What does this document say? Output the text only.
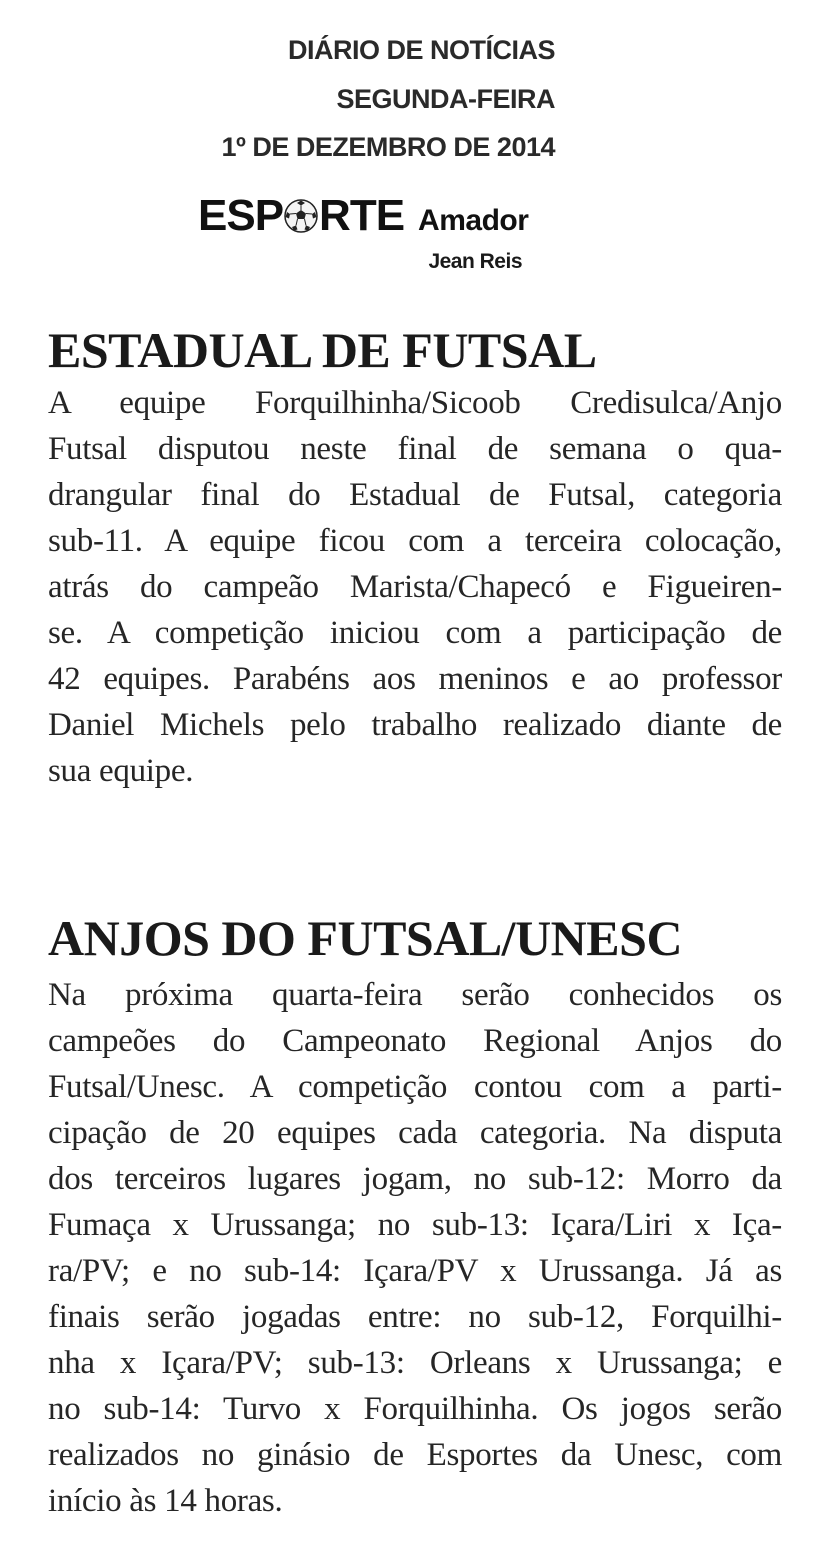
DIÁRIO DE NOTÍCIAS
SEGUNDA-FEIRA
1º DE DEZEMBRO DE 2014
ESP RTE Amador
Jean Reis
ESTADUAL DE FUTSAL
A equipe Forquilhinha/Sicoob Credisulca/Anjo
Futsal disputou neste final de semana o qua-
drangular final do Estadual de Futsal, categoria
sub-11. A equipe ficou com a terceira colocação,
atrás do campeão Marista/Chapecó e Figueiren-
se. A competição iniciou com a participação de
42 equipes. Parabéns aos meninos e ao professor
Daniel Michels pelo trabalho realizado diante de
sua equipe.
ANJOS DO FUTSAL/UNESC
Na próxima quarta-feira serão conhecidos os
campeões do Campeonato Regional Anjos do
Futsal/Unesc. A competição contou com a parti-
cipação de 20 equipes cada categoria. Na disputa
dos terceiros lugares jogam, no sub-12: Morro da
Fumaça x Urussanga; no sub-13: Içara/Liri x Iça-
ra/PV; e no sub-14: Içara/PV x Urussanga. Já as
finais serão jogadas entre: no sub-12, Forquilhi-
nha x Içara/PV; sub-13: Orleans x Urussanga; e
no sub-14: Turvo x Forquilhinha. Os jogos serão
realizados no ginásio de Esportes da Unesc, com
início às 14 horas.
